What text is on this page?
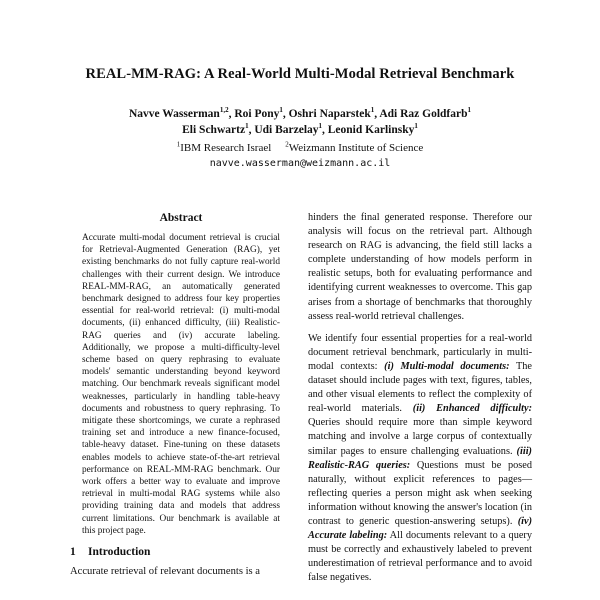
REAL-MM-RAG: A Real-World Multi-Modal Retrieval Benchmark
Navve Wasserman$^{1,2}$, Roi Pony$^1$, Oshri Naparstek$^1$, Adi Raz Goldfarb$^1$
Eli Schwartz$^1$, Udi Barzelay$^1$, Leonid Karlinsky$^1$
$^1$IBM Research Israel $^2$Weizmann Institute of Science
navve.wasserman@weizmann.ac.il
Abstract
Accurate multi-modal document retrieval is crucial for Retrieval-Augmented Generation (RAG), yet existing benchmarks do not fully capture real-world challenges with their current design. We introduce REAL-MM-RAG, an automatically generated benchmark designed to address four key properties essential for real-world retrieval: (i) multi-modal documents, (ii) enhanced difficulty, (iii) Realistic-RAG queries and (iv) accurate labeling. Additionally, we propose a multi-difficulty-level scheme based on query rephrasing to evaluate models' semantic understanding beyond keyword matching. Our benchmark reveals significant model weaknesses, particularly in handling table-heavy documents and robustness to query rephrasing. To mitigate these shortcomings, we curate a rephrased training set and introduce a new finance-focused, table-heavy dataset. Fine-tuning on these datasets enables models to achieve state-of-the-art retrieval performance on REAL-MM-RAG benchmark. Our work offers a better way to evaluate and improve retrieval in multi-modal RAG systems while also providing training data and models that address current limitations. Our benchmark is available at this project page.
1 Introduction
Accurate retrieval of relevant documents is a

hinders the final generated response. Therefore our analysis will focus on the retrieval part. Although research on RAG is advancing, the field still lacks a complete understanding of how models perform in realistic setups, both for evaluating performance and identifying current weaknesses to overcome. This gap arises from a shortage of benchmarks that thoroughly assess real-world retrieval challenges.

We identify four essential properties for a real-world document retrieval benchmark, particularly in multi-modal contexts: (i) Multi-modal documents: The dataset should include pages with text, figures, tables, and other visual elements to reflect the complexity of real-world materials. (ii) Enhanced difficulty: Queries should require more than simple keyword matching and involve a large corpus of contextually similar pages to ensure challenging evaluations. (iii) Realistic-RAG queries: Questions must be posed naturally, without explicit references to pages—reflecting queries a person might ask when seeking information without knowing the answer's location (in contrast to generic question-answering setups). (iv) Accurate labeling: All documents relevant to a query must be correctly and exhaustively labeled to prevent underestimation of retrieval performance and to avoid false negatives.
